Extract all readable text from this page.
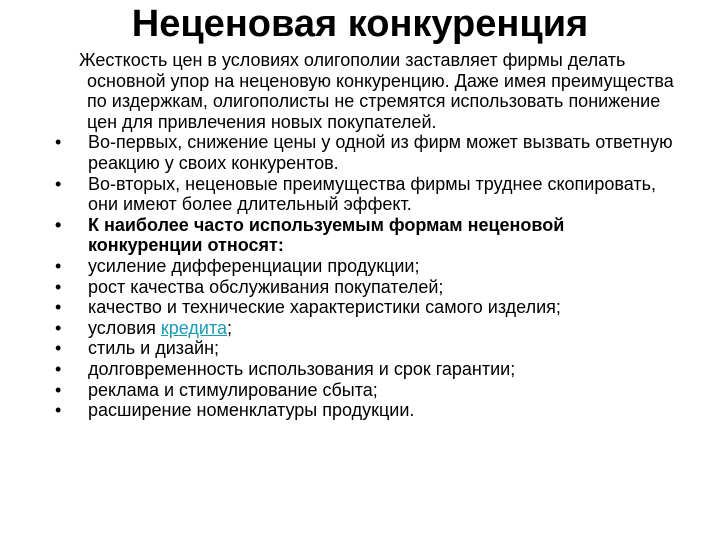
Неценовая конкуренция

Жесткость цен в условиях олигополии заставляет фирмы делать основной упор на неценовую конкуренцию. Даже имея преимущества по издержкам, олигополисты не стремятся использовать понижение цен для привлечения новых покупателей.

• Во-первых, снижение цены у одной из фирм может вызвать ответную реакцию у своих конкурентов.
• Во-вторых, неценовые преимущества фирмы труднее скопировать, они имеют более длительный эффект.
• К наиболее часто используемым формам неценовой конкуренции относят:
• усиление дифференциации продукции;
• рост качества обслуживания покупателей;
• качество и технические характеристики самого изделия;
• условия кредита;
• стиль и дизайн;
• долговременность использования и срок гарантии;
• реклама и стимулирование сбыта;
• расширение номенклатуры продукции.
